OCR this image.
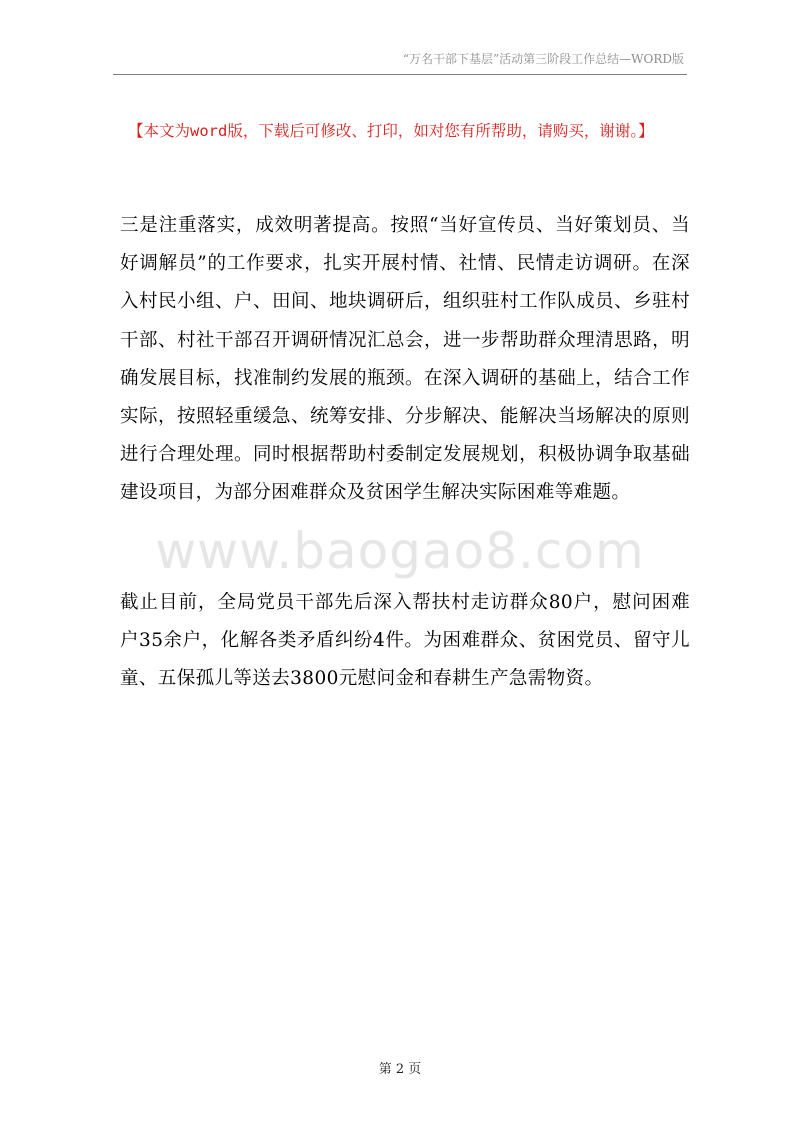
“万名干部下基层”活动第三阶段工作总结—WORD版
【本文为word版，下载后可修改、打印，如对您有所帮助，请购买，谢谢。】
www.baogao8.com
三是注重落实，成效明著提高。按照“当好宣传员、当好策划员、当好调解员”的工作要求，扎实开展村情、社情、民情走访调研。在深入村民小组、户、田间、地块调研后，组织驻村工作队成员、乡驻村干部、村社干部召开调研情况汇总会，进一步帮助群众理清思路，明确发展目标，找准制约发展的瓶颈。在深入调研的基础上，结合工作实际，按照轻重缓急、统筹安排、分步解决、能解决当场解决的原则进行合理处理。同时根据帮助村委制定发展规划，积极协调争取基础建设项目，为部分困难群众及贫困学生解决实际困难等难题。
截止目前，全局党员干部先后深入帮扶村走访群众80户，慰问困难户35余户，化解各类矛盾纠纷4件。为困难群众、贫困党员、留守儿童、五保孤儿等送去3800元慰问金和春耕生产急需物资。
第 2 页
